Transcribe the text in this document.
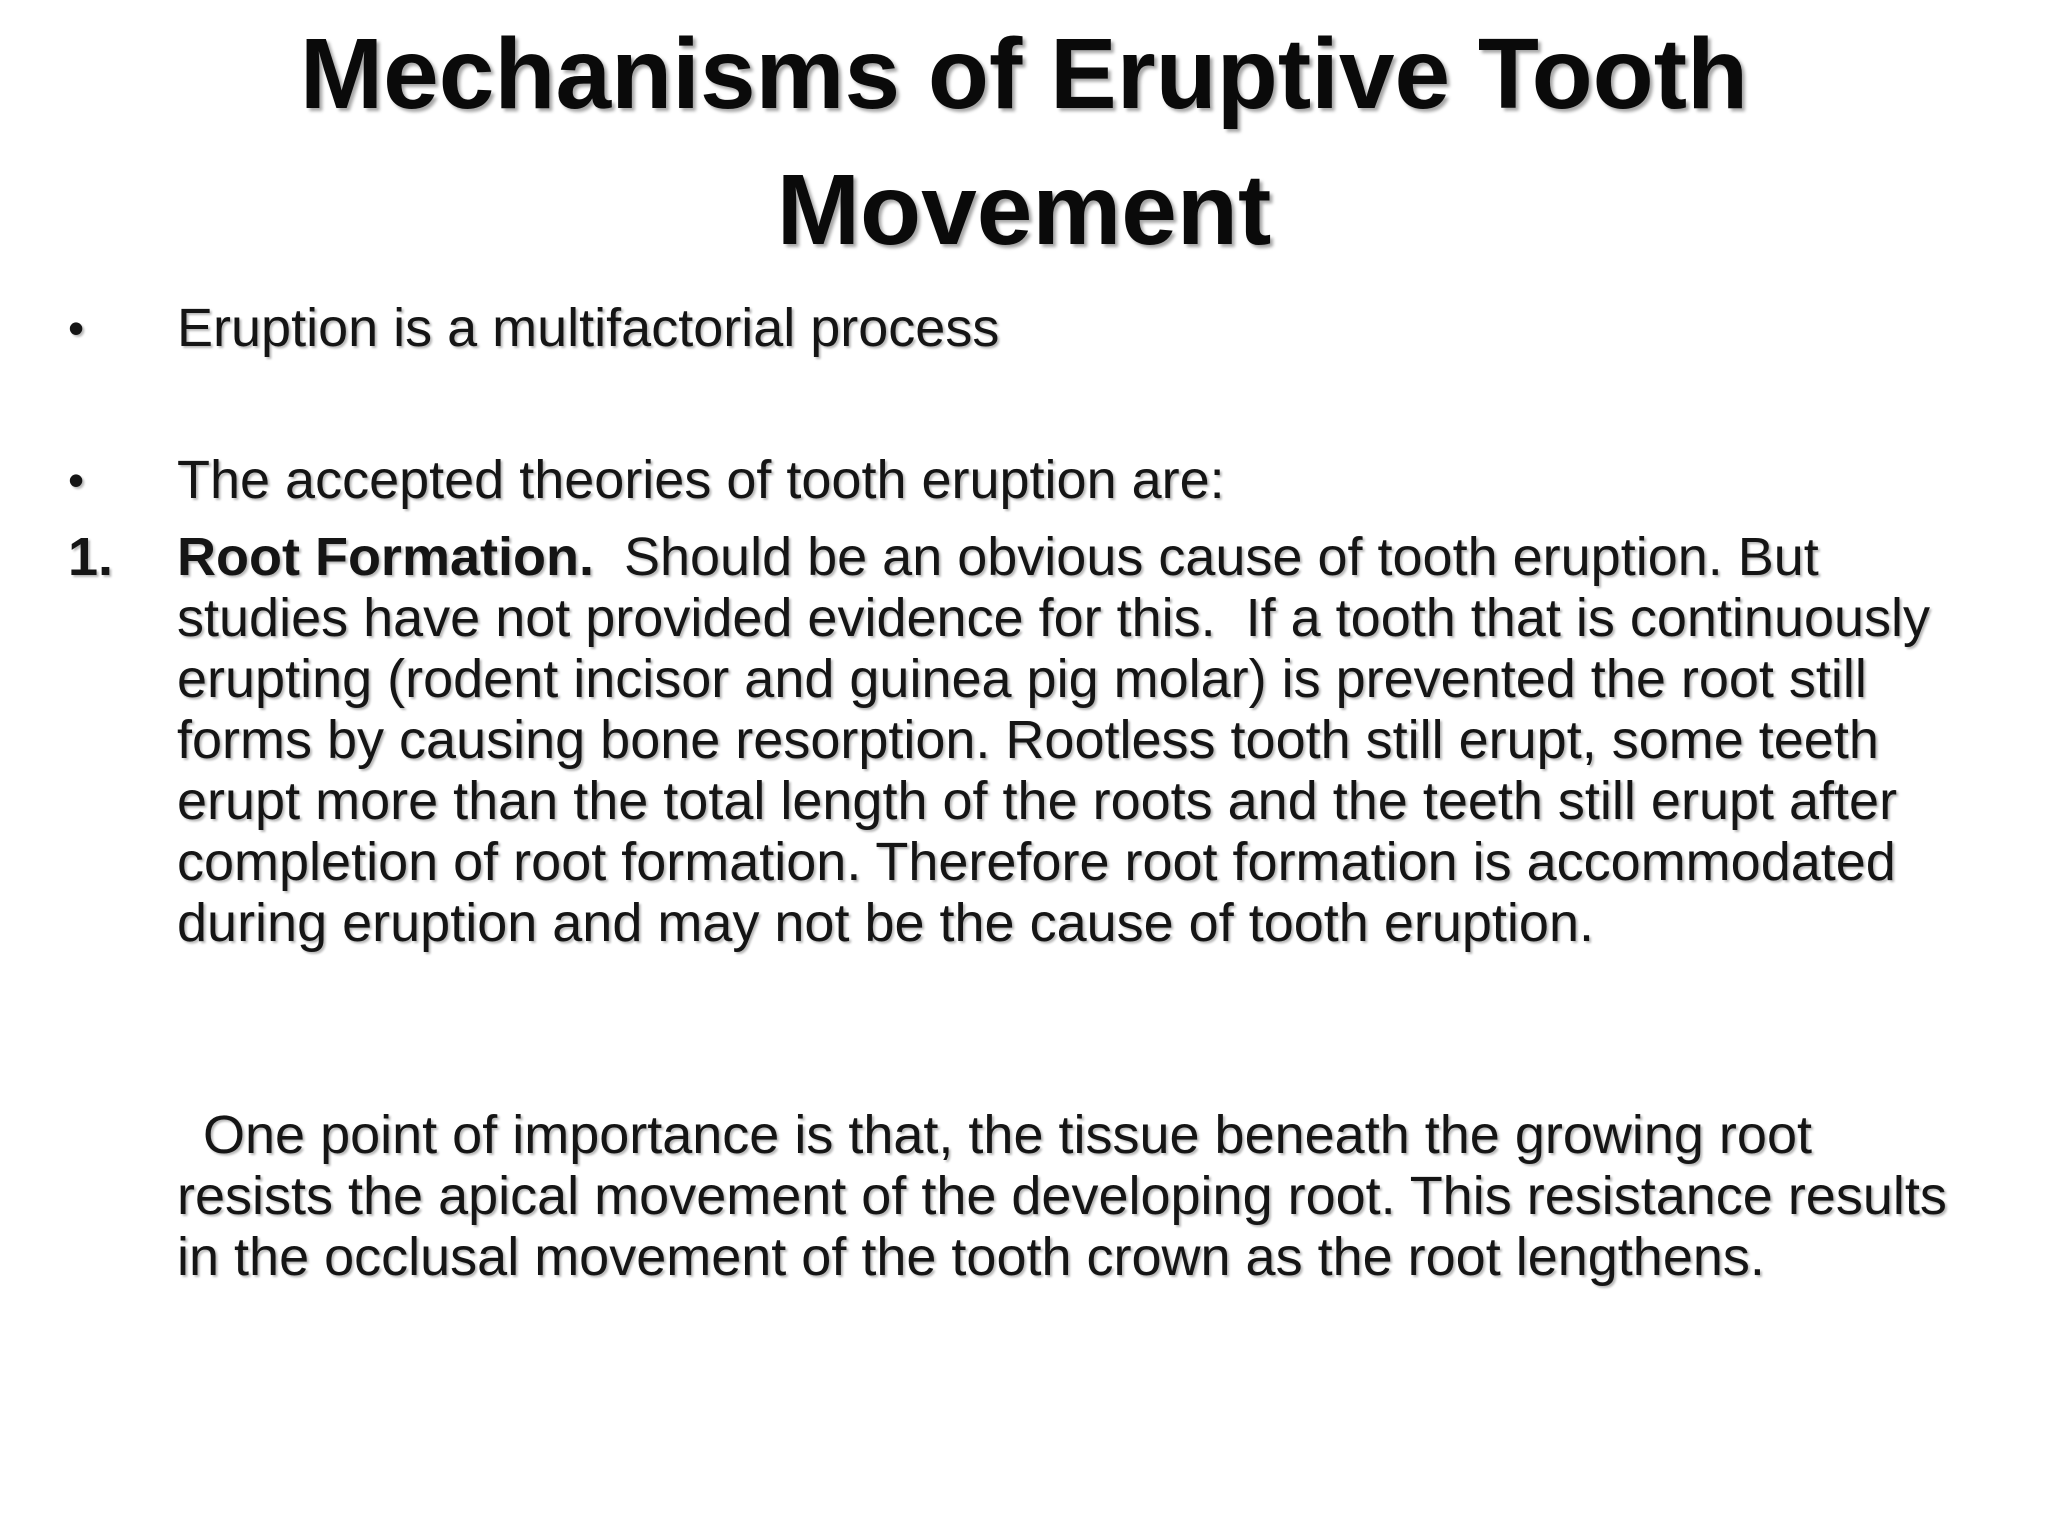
Mechanisms of Eruptive Tooth
Movement
•	Eruption is a multifactorial process
•	The accepted theories of tooth eruption are:
1.	Root Formation.  Should be an obvious cause of tooth eruption. But studies have not provided evidence for this.  If a tooth that is continuously erupting (rodent incisor and guinea pig molar) is prevented the root still forms by causing bone resorption. Rootless tooth still erupt, some teeth erupt more than the total length of the roots and the teeth still erupt after completion of root formation. Therefore root formation is accommodated during eruption and may not be the cause of tooth eruption.
One point of importance is that, the tissue beneath the growing root resists the apical movement of the developing root. This resistance results in the occlusal movement of the tooth crown as the root lengthens.
